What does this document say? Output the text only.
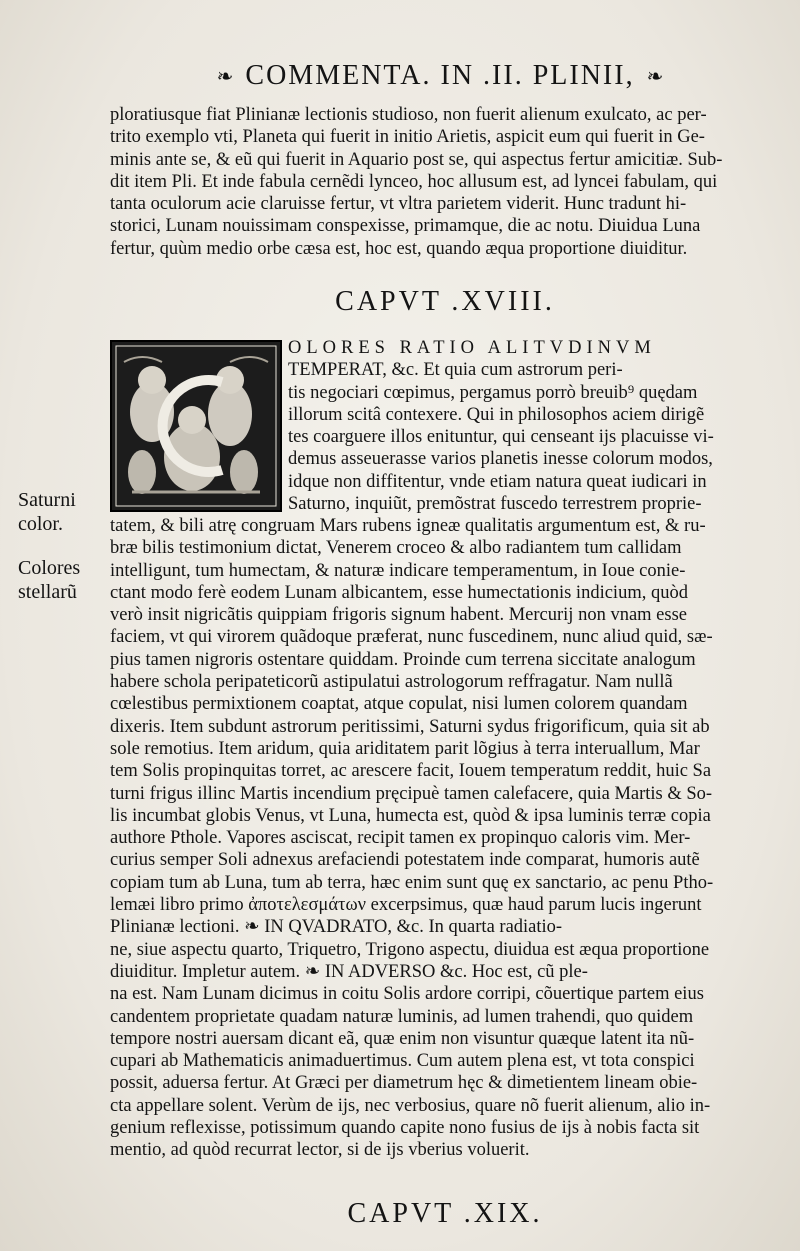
❧ COMMENTA. IN .II. PLINII, ❧
ploratiusque fiat Plinianæ lectionis studioso, non fuerit alienum exulcato, ac per-
trito exemplo vti, Planeta qui fuerit in initio Arietis, aspicit eum qui fuerit in Ge-
minis ante se, & eũ qui fuerit in Aquario post se, qui aspectus fertur amicitiæ. Sub-
dit item Pli. Et inde fabula cernẽdi lynceo, hoc allusum est, ad lyncei fabulam, qui
tanta oculorum acie claruisse fertur, vt vltra parietem viderit. Hunc tradunt hi-
storici, Lunam nouissimam conspexisse, primamque, die ac notu. Diuidua Luna
fertur, quùm medio orbe cæsa est, hoc est, quando æqua proportione diuiditur.
CAPVT .XVIII.
OLORES RATIO ALITVDINVM
TEMPERAT, &c. Et quia cum astrorum peri-
tis negociari cœpimus, pergamus porrò breuib⁹ quędam
illorum scitâ contexere. Qui in philosophos aciem dirigẽ
tes coarguere illos enituntur, qui censeant ijs placuisse vi-
demus asseuerasse varios planetis inesse colorum modos,
idque non diffitentur, vnde etiam natura queat iudicari in
Saturno, inquiũt, premõstrat fuscedo terrestrem proprie-
tatem, & bili atrę congruam Mars rubens igneæ qualitatis argumentum est, & ru-
bræ bilis testimonium dictat, Venerem croceo & albo radiantem tum callidam
intelligunt, tum humectam, & naturæ indicare temperamentum, in Ioue conie-
ctant modo ferè eodem Lunam albicantem, esse humectationis indicium, quòd
verò insit nigricãtis quippiam frigoris signum habent. Mercurij non vnam esse
faciem, vt qui virorem quãdoque præferat, nunc fuscedinem, nunc aliud quid, sæ-
pius tamen nigroris ostentare quiddam. Proinde cum terrena siccitate analogum
habere schola peripateticorũ astipulatui astrologorum reffragatur. Nam nullã
cœlestibus permixtionem coaptat, atque copulat, nisi lumen colorem quandam
dixeris. Item subdunt astrorum peritissimi, Saturni sydus frigorificum, quia sit ab
sole remotius. Item aridum, quia ariditatem parit lõgius à terra interuallum, Mar
tem Solis propinquitas torret, ac arescere facit, Iouem temperatum reddit, huic Sa
turni frigus illinc Martis incendium pręcipuè tamen calefacere, quia Martis & So-
lis incumbat globis Venus, vt Luna, humecta est, quòd & ipsa luminis terræ copia
authore Pthole. Vapores asciscat, recipit tamen ex propinquo caloris vim. Mer-
curius semper Soli adnexus arefaciendi potestatem inde comparat, humoris autẽ
copiam tum ab Luna, tum ab terra, hæc enim sunt quę ex sanctario, ac penu Ptho-
lemæi libro primo ἀποτελεσμάτων excerpsimus, quæ haud parum lucis ingerunt
Plinianæ lectioni. ❧ IN QVADRATO, &c. In quarta radiatio-
ne, siue aspectu quarto, Triquetro, Trigono aspectu, diuidua est æqua proportione
diuiditur. Impletur autem. ❧ IN ADVERSO &c. Hoc est, cũ ple-
na est. Nam Lunam dicimus in coitu Solis ardore corripi, cõuertique partem eius
candentem proprietate quadam naturæ luminis, ad lumen trahendi, quo quidem
tempore nostri auersam dicant eã, quæ enim non visuntur quæque latent ita nũ-
cupari ab Mathematicis animaduertimus. Cum autem plena est, vt tota conspici
possit, aduersa fertur. At Græci per diametrum hęc & dimetientem lineam obie-
cta appellare solent. Verùm de ijs, nec verbosius, quare nõ fuerit alienum, alio in-
genium reflexisse, potissimum quando capite nono fusius de ijs à nobis facta sit
mentio, ad quòd recurrat lector, si de ijs vberius voluerit.
CAPVT .XIX.
Saturni
color.
Colores
stellarũ
